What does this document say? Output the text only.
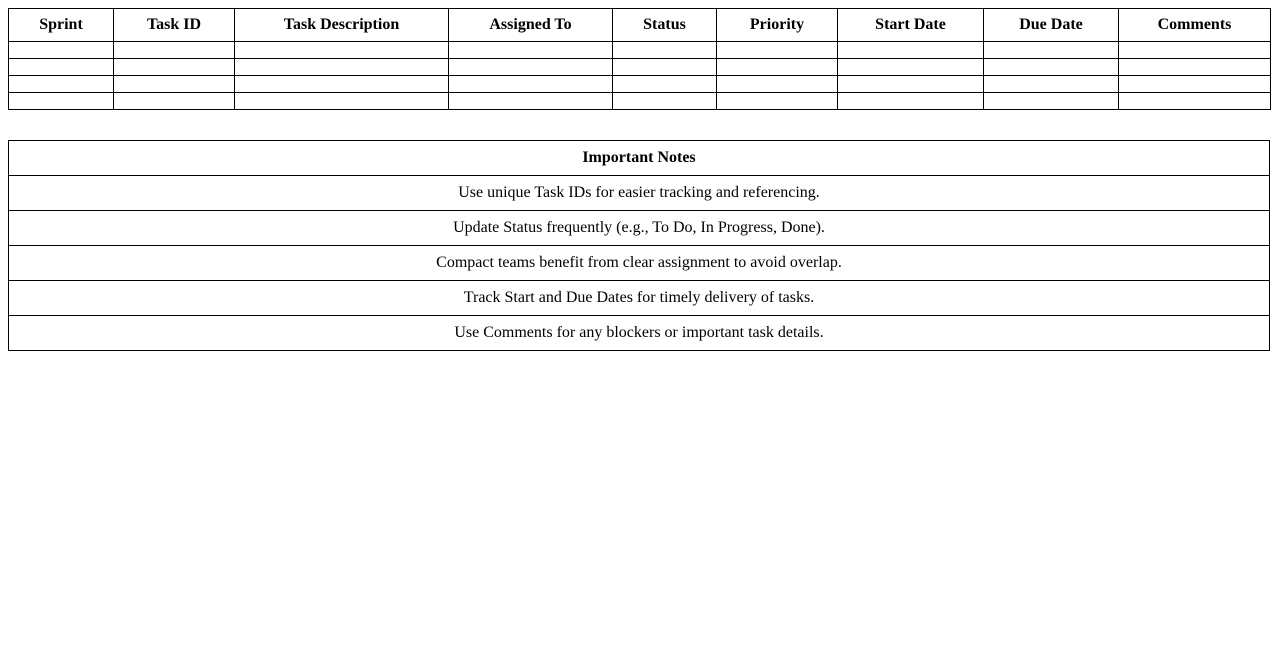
Sprint	Task ID	Task Description	Assigned To	Status	Priority	Start Date	Due Date	Comments

Important Notes
Use unique Task IDs for easier tracking and referencing.
Update Status frequently (e.g., To Do, In Progress, Done).
Compact teams benefit from clear assignment to avoid overlap.
Track Start and Due Dates for timely delivery of tasks.
Use Comments for any blockers or important task details.
